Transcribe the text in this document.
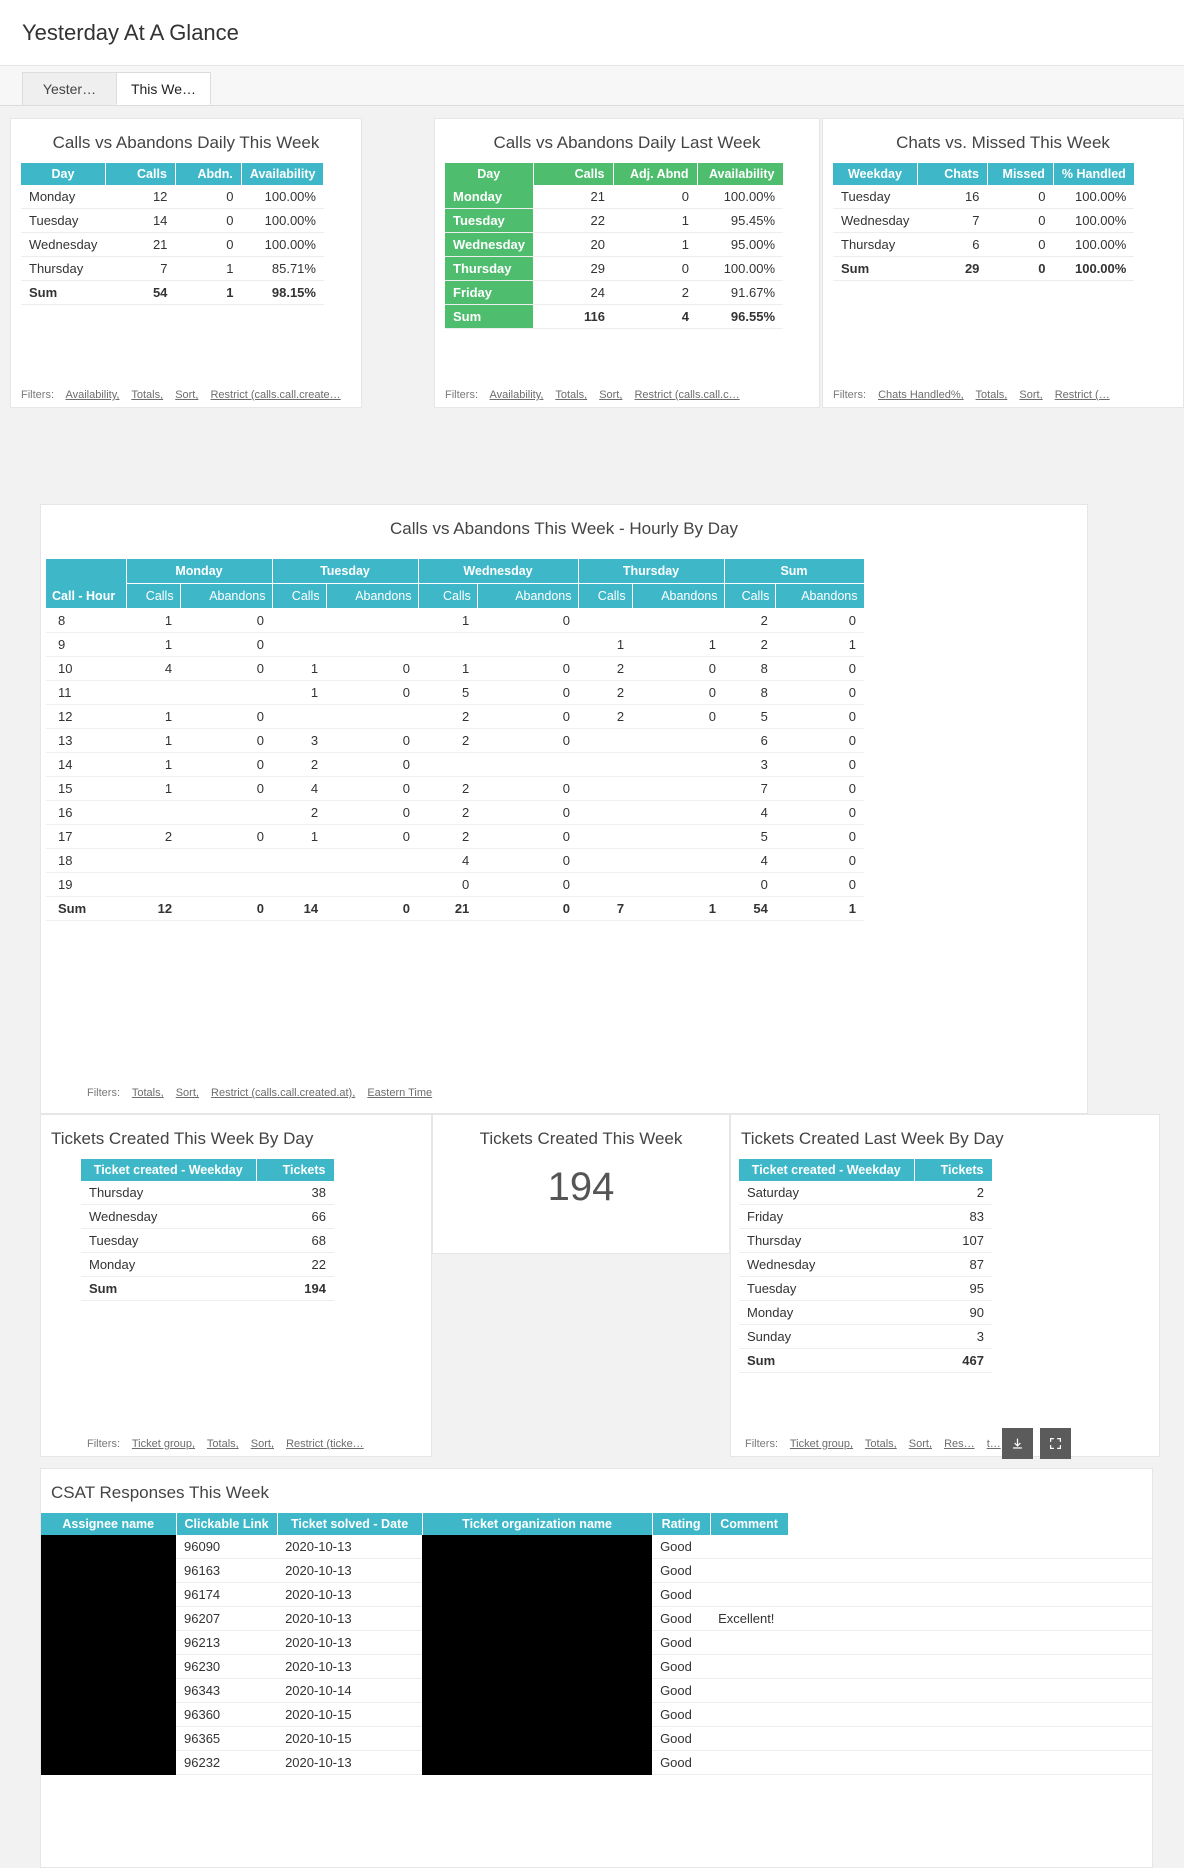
Yesterday At A Glance
Yester…	This We…
Calls vs Abandons Daily This Week
Day	Calls	Abdn.	Availability
Monday	12	0	100.00%
Tuesday	14	0	100.00%
Wednesday	21	0	100.00%
Thursday	7	1	85.71%
Sum	54	1	98.15%
Filters: Availability, Totals, Sort, Restrict (calls.call.create…
Calls vs Abandons Daily Last Week
Day	Calls	Adj. Abnd	Availability
Monday	21	0	100.00%
Tuesday	22	1	95.45%
Wednesday	20	1	95.00%
Thursday	29	0	100.00%
Friday	24	2	91.67%
Sum	116	4	96.55%
Filters: Availability, Totals, Sort, Restrict (calls.call.c…
Chats vs. Missed This Week
Weekday	Chats	Missed	% Handled
Tuesday	16	0	100.00%
Wednesday	7	0	100.00%
Thursday	6	0	100.00%
Sum	29	0	100.00%
Filters: Chats Handled%, Totals, Sort, Restrict (…
Calls vs Abandons This Week - Hourly By Day
Call - Hour	Monday		Tuesday		Wednesday		Thursday		Sum	
	Calls	Abandons	Calls	Abandons	Calls	Abandons	Calls	Abandons	Calls	Abandons
8	1	0			1	0			2	0
9	1	0					1	1	2	1
10	4	0	1	0	1	0	2	0	8	0
11			1	0	5	0	2	0	8	0
12	1	0			2	0	2	0	5	0
13	1	0	3	0	2	0			6	0
14	1	0	2	0					3	0
15	1	0	4	0	2	0			7	0
16			2	0	2	0			4	0
17	2	0	1	0	2	0			5	0
18					4	0			4	0
19					0	0			0	0
Sum	12	0	14	0	21	0	7	1	54	1
Filters: Totals, Sort, Restrict (calls.call.created.at), Eastern Time
Tickets Created This Week By Day
Ticket created - Weekday	Tickets
Thursday	38
Wednesday	66
Tuesday	68
Monday	22
Sum	194
Filters: Ticket group, Totals, Sort, Restrict (ticke…
Tickets Created This Week
194
Tickets Created Last Week By Day
Ticket created - Weekday	Tickets
Saturday	2
Friday	83
Thursday	107
Wednesday	87
Tuesday	95
Monday	90
Sunday	3
Sum	467
Filters: Ticket group, Totals, Sort, Res… t…
CSAT Responses This Week
Assignee name	Clickable Link	Ticket solved - Date	Ticket organization name	Rating	Comment	
	96090	2020-10-13		Good		
	96163	2020-10-13		Good		
	96174	2020-10-13		Good		
	96207	2020-10-13		Good	Excellent!	
	96213	2020-10-13		Good		
	96230	2020-10-13		Good		
	96343	2020-10-14		Good		
	96360	2020-10-15		Good		
	96365	2020-10-15		Good		
	96232	2020-10-13		Good		
